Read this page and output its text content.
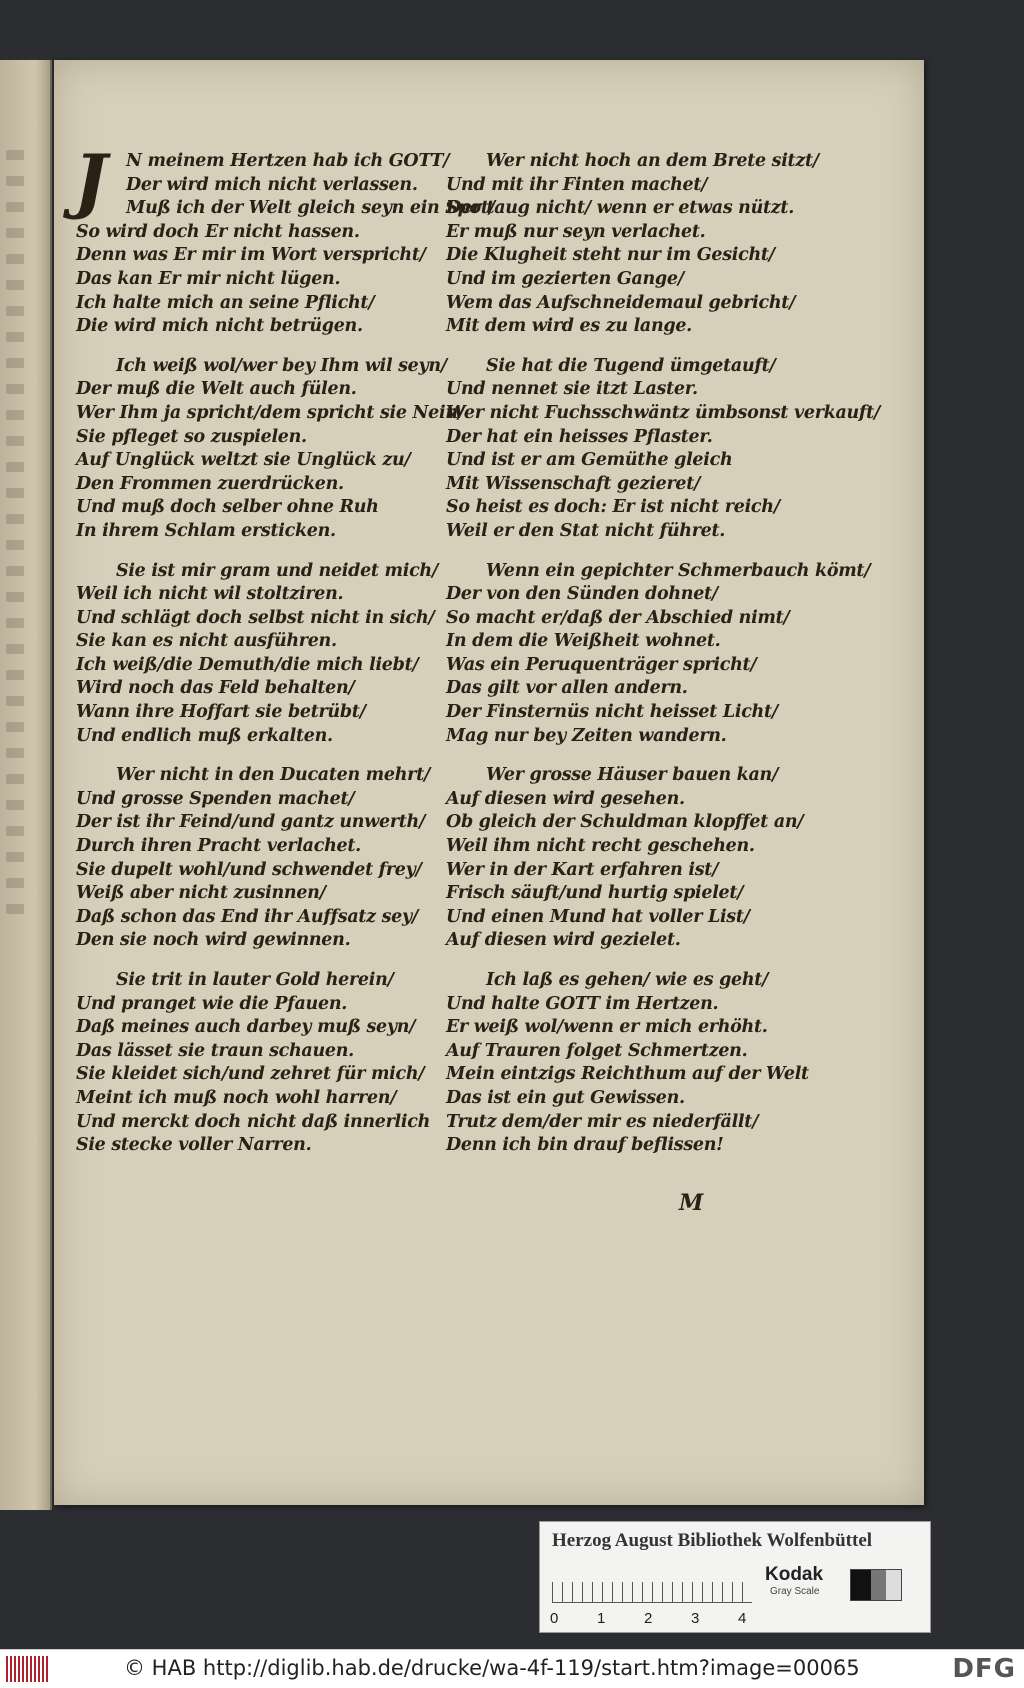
J	N meinem Hertzen hab ich GOTT/
Der wird mich nicht verlassen.
Muß ich der Welt gleich seyn ein Spot/
So wird doch Er nicht hassen.
Denn was Er mir im Wort verspricht/
Das kan Er mir nicht lügen.
Ich halte mich an seine Pflicht/
Die wird mich nicht betrügen.
Ich weiß wol/wer bey Ihm wil seyn/
Der muß die Welt auch fülen.
Wer Ihm ja spricht/dem spricht sie Nein/
Sie pfleget so zuspielen.
Auf Unglück weltzt sie Unglück zu/
Den Frommen zuerdrücken.
Und muß doch selber ohne Ruh
In ihrem Schlam ersticken.
Sie ist mir gram und neidet mich/
Weil ich nicht wil stoltziren.
Und schlägt doch selbst nicht in sich/
Sie kan es nicht ausführen.
Ich weiß/die Demuth/die mich liebt/
Wird noch das Feld behalten/
Wann ihre Hoffart sie betrübt/
Und endlich muß erkalten.
Wer nicht in den Ducaten mehrt/
Und grosse Spenden machet/
Der ist ihr Feind/und gantz unwerth/
Durch ihren Pracht verlachet.
Sie dupelt wohl/und schwendet frey/
Weiß aber nicht zusinnen/
Daß schon das End ihr Auffsatz sey/
Den sie noch wird gewinnen.
Sie trit in lauter Gold herein/
Und pranget wie die Pfauen.
Daß meines auch darbey muß seyn/
Das lässet sie traun schauen.
Sie kleidet sich/und zehret für mich/
Meint ich muß noch wohl harren/
Und merckt doch nicht daß innerlich
Sie stecke voller Narren.
Wer nicht hoch an dem Brete sitzt/
Und mit ihr Finten machet/
Der taug nicht/ wenn er etwas nützt.
Er muß nur seyn verlachet.
Die Klugheit steht nur im Gesicht/
Und im gezierten Gange/
Wem das Aufschneidemaul gebricht/
Mit dem wird es zu lange.
Sie hat die Tugend ümgetauft/
Und nennet sie itzt Laster.
Wer nicht Fuchsschwäntz ümbsonst verkauft/
Der hat ein heisses Pflaster.
Und ist er am Gemüthe gleich
Mit Wissenschaft gezieret/
So heist es doch: Er ist nicht reich/
Weil er den Stat nicht führet.
Wenn ein gepichter Schmerbauch kömt/
Der von den Sünden dohnet/
So macht er/daß der Abschied nimt/
In dem die Weißheit wohnet.
Was ein Peruquenträger spricht/
Das gilt vor allen andern.
Der Finsternüs nicht heisset Licht/
Mag nur bey Zeiten wandern.
Wer grosse Häuser bauen kan/
Auf diesen wird gesehen.
Ob gleich der Schuldman klopffet an/
Weil ihm nicht recht geschehen.
Wer in der Kart erfahren ist/
Frisch säuft/und hurtig spielet/
Und einen Mund hat voller List/
Auf diesen wird gezielet.
Ich laß es gehen/ wie es geht/
Und halte GOTT im Hertzen.
Er weiß wol/wenn er mich erhöht.
Auf Trauren folget Schmertzen.
Mein eintzigs Reichthum auf der Welt
Das ist ein gut Gewissen.
Trutz dem/der mir es niederfällt/
Denn ich bin drauf beflissen!
M
Herzog August Bibliothek Wolfenbüttel
0	1	2	3	4
Kodak
Gray Scale
© HAB http://diglib.hab.de/drucke/wa-4f-119/start.htm?image=00065	DFG
